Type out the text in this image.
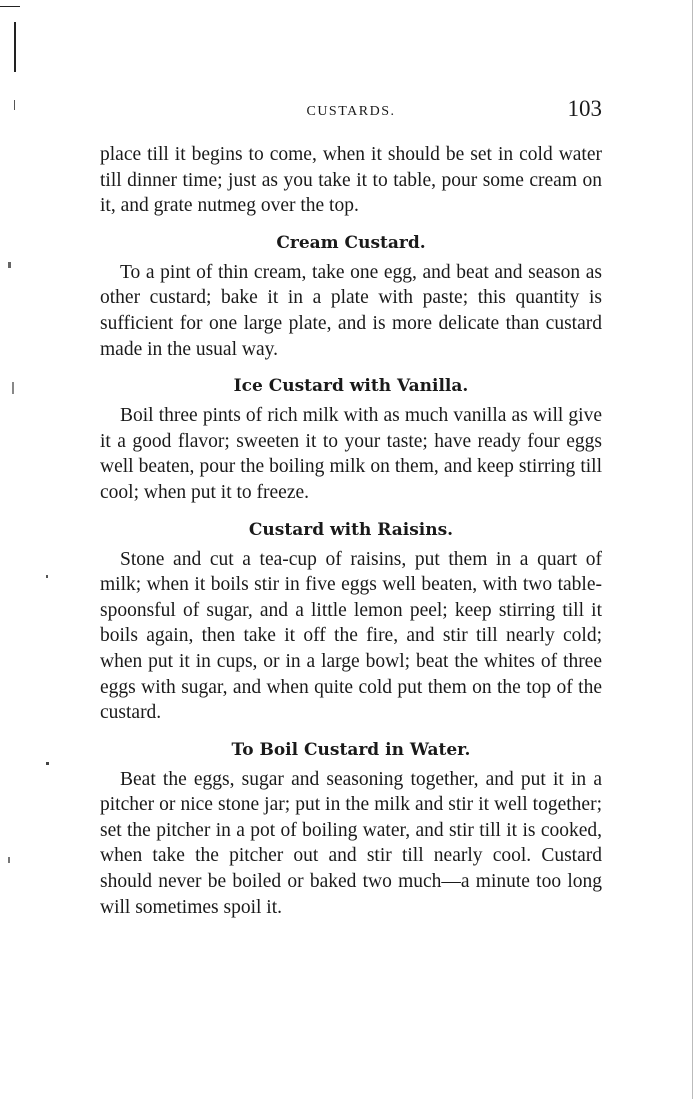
CUSTARDS.	103

place till it begins to come, when it should be set in cold water till dinner time; just as you take it to table, pour some cream on it, and grate nutmeg over the top.

Cream Custard.

To a pint of thin cream, take one egg, and beat and season as other custard; bake it in a plate with paste; this quantity is sufficient for one large plate, and is more delicate than custard made in the usual way.

Ice Custard with Vanilla.

Boil three pints of rich milk with as much vanilla as will give it a good flavor; sweeten it to your taste; have ready four eggs well beaten, pour the boiling milk on them, and keep stirring till cool; when put it to freeze.

Custard with Raisins.

Stone and cut a tea-cup of raisins, put them in a quart of milk; when it boils stir in five eggs well beaten, with two table-spoonsful of sugar, and a little lemon peel; keep stirring till it boils again, then take it off the fire, and stir till nearly cold; when put it in cups, or in a large bowl; beat the whites of three eggs with sugar, and when quite cold put them on the top of the custard.

To Boil Custard in Water.

Beat the eggs, sugar and seasoning together, and put it in a pitcher or nice stone jar; put in the milk and stir it well together; set the pitcher in a pot of boiling water, and stir till it is cooked, when take the pitcher out and stir till nearly cool. Custard should never be boiled or baked two much—a minute too long will sometimes spoil it.
